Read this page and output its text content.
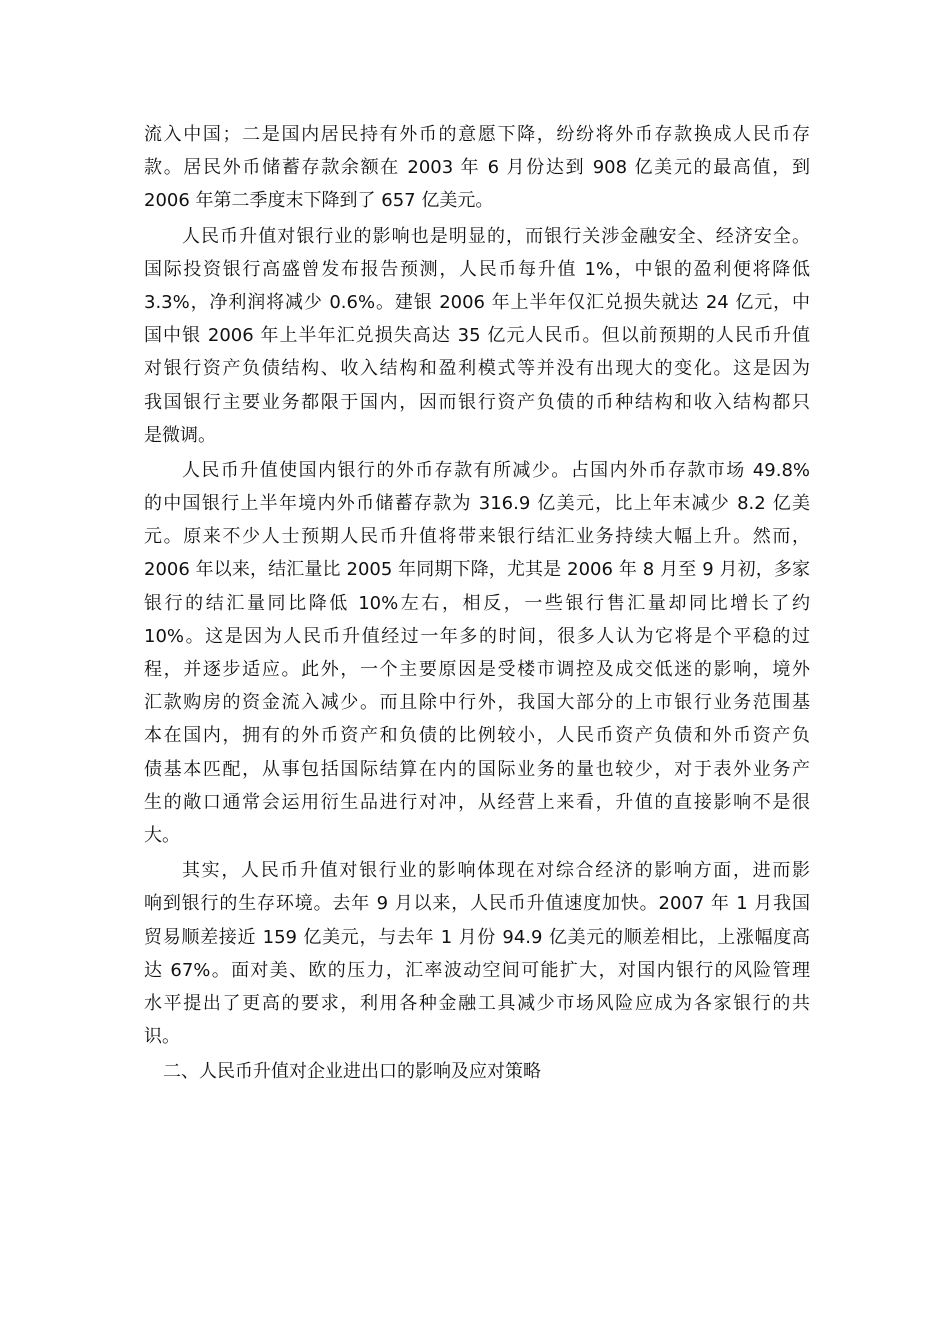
流入中国；二是国内居民持有外币的意愿下降，纷纷将外币存款换成人民币存
款。居民外币储蓄存款余额在 2003 年 6 月份达到 908 亿美元的最高值，到
2006 年第二季度末下降到了 657 亿美元。
人民币升值对银行业的影响也是明显的，而银行关涉金融安全、经济安全。
国际投资银行高盛曾发布报告预测，人民币每升值 1%，中银的盈利便将降低
3.3%，净利润将减少 0.6%。建银 2006 年上半年仅汇兑损失就达 24 亿元，中
国中银 2006 年上半年汇兑损失高达 35 亿元人民币。但以前预期的人民币升值
对银行资产负债结构、收入结构和盈利模式等并没有出现大的变化。这是因为
我国银行主要业务都限于国内，因而银行资产负债的币种结构和收入结构都只
是微调。
人民币升值使国内银行的外币存款有所减少。占国内外币存款市场 49.8%
的中国银行上半年境内外币储蓄存款为 316.9 亿美元，比上年末减少 8.2 亿美
元。原来不少人士预期人民币升值将带来银行结汇业务持续大幅上升。然而，
2006 年以来，结汇量比 2005 年同期下降，尤其是 2006 年 8 月至 9 月初，多家
银行的结汇量同比降低 10%左右，相反，一些银行售汇量却同比增长了约
10%。这是因为人民币升值经过一年多的时间，很多人认为它将是个平稳的过
程，并逐步适应。此外，一个主要原因是受楼市调控及成交低迷的影响，境外
汇款购房的资金流入减少。而且除中行外，我国大部分的上市银行业务范围基
本在国内，拥有的外币资产和负债的比例较小，人民币资产负债和外币资产负
债基本匹配，从事包括国际结算在内的国际业务的量也较少，对于表外业务产
生的敞口通常会运用衍生品进行对冲，从经营上来看，升值的直接影响不是很
大。
其实，人民币升值对银行业的影响体现在对综合经济的影响方面，进而影
响到银行的生存环境。去年 9 月以来，人民币升值速度加快。2007 年 1 月我国
贸易顺差接近 159 亿美元，与去年 1 月份 94.9 亿美元的顺差相比，上涨幅度高
达 67%。面对美、欧的压力，汇率波动空间可能扩大，对国内银行的风险管理
水平提出了更高的要求，利用各种金融工具减少市场风险应成为各家银行的共
识。
二、人民币升值对企业进出口的影响及应对策略
